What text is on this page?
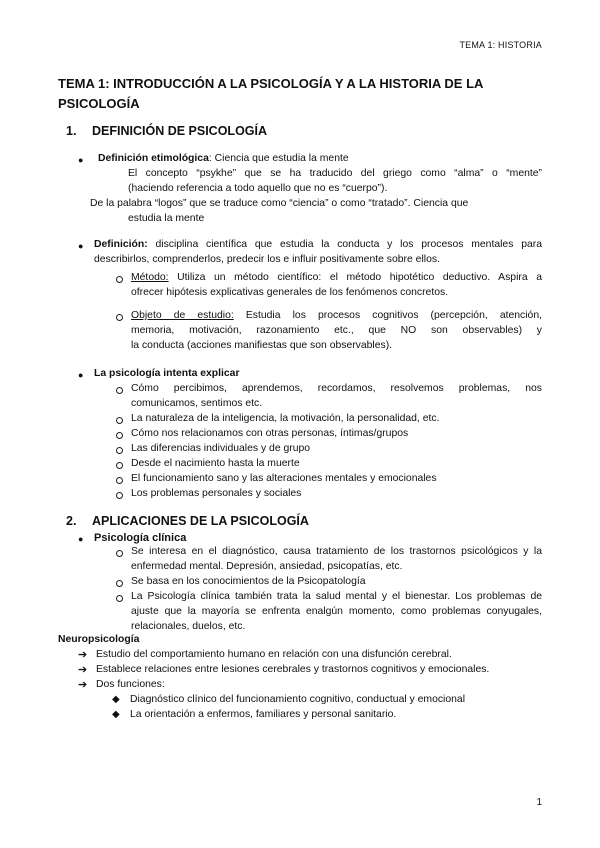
TEMA 1: HISTORIA
TEMA 1: INTRODUCCIÓN A LA PSICOLOGÍA Y A LA HISTORIA DE LA PSICOLOGÍA
1. DEFINICIÓN DE PSICOLOGÍA
● Definición etimológica: Ciencia que estudia la mente
El concepto “psykhe” que se ha traducido del griego como “alma” o “mente”
(haciendo referencia a todo aquello que no es “cuerpo”).
De la palabra “logos” que se traduce como “ciencia” o como “tratado”. Ciencia que
estudia la mente
● Definición: disciplina científica que estudia la conducta y los procesos mentales para
describirlos, comprenderlos, predecir los e influir positivamente sobre ellos.
Método: Utiliza un método científico: el método hipotético deductivo. Aspira a
ofrecer hipótesis explicativas generales de los fenómenos concretos.
Objeto de estudio: Estudia los procesos cognitivos (percepción, atención,
memoria, motivación, razonamiento etc., que NO son observables) y
la conducta (acciones manifiestas que son observables).
● La psicología intenta explicar
Cómo percibimos, aprendemos, recordamos, resolvemos problemas, nos
comunicamos, sentimos etc.
La naturaleza de la inteligencia, la motivación, la personalidad, etc.
Cómo nos relacionamos con otras personas, íntimas/grupos
Las diferencias individuales y de grupo
Desde el nacimiento hasta la muerte
El funcionamiento sano y las alteraciones mentales y emocionales
Los problemas personales y sociales
2. APLICACIONES DE LA PSICOLOGÍA
● Psicología clínica
Se interesa en el diagnóstico, causa tratamiento de los trastornos psicológicos y la
enfermedad mental. Depresión, ansiedad, psicopatías, etc.
Se basa en los conocimientos de la Psicopatología
La Psicología clínica también trata la salud mental y el bienestar. Los problemas de
ajuste que la mayoría se enfrenta enalgún momento, como problemas conyugales,
relacionales, duelos, etc.
Neuropsicología
➔ Estudio del comportamiento humano en relación con una disfunción cerebral.
➔ Establece relaciones entre lesiones cerebrales y trastornos cognitivos y emocionales.
➔ Dos funciones:
◆ Diagnóstico clínico del funcionamiento cognitivo, conductual y emocional
◆ La orientación a enfermos, familiares y personal sanitario.
1
